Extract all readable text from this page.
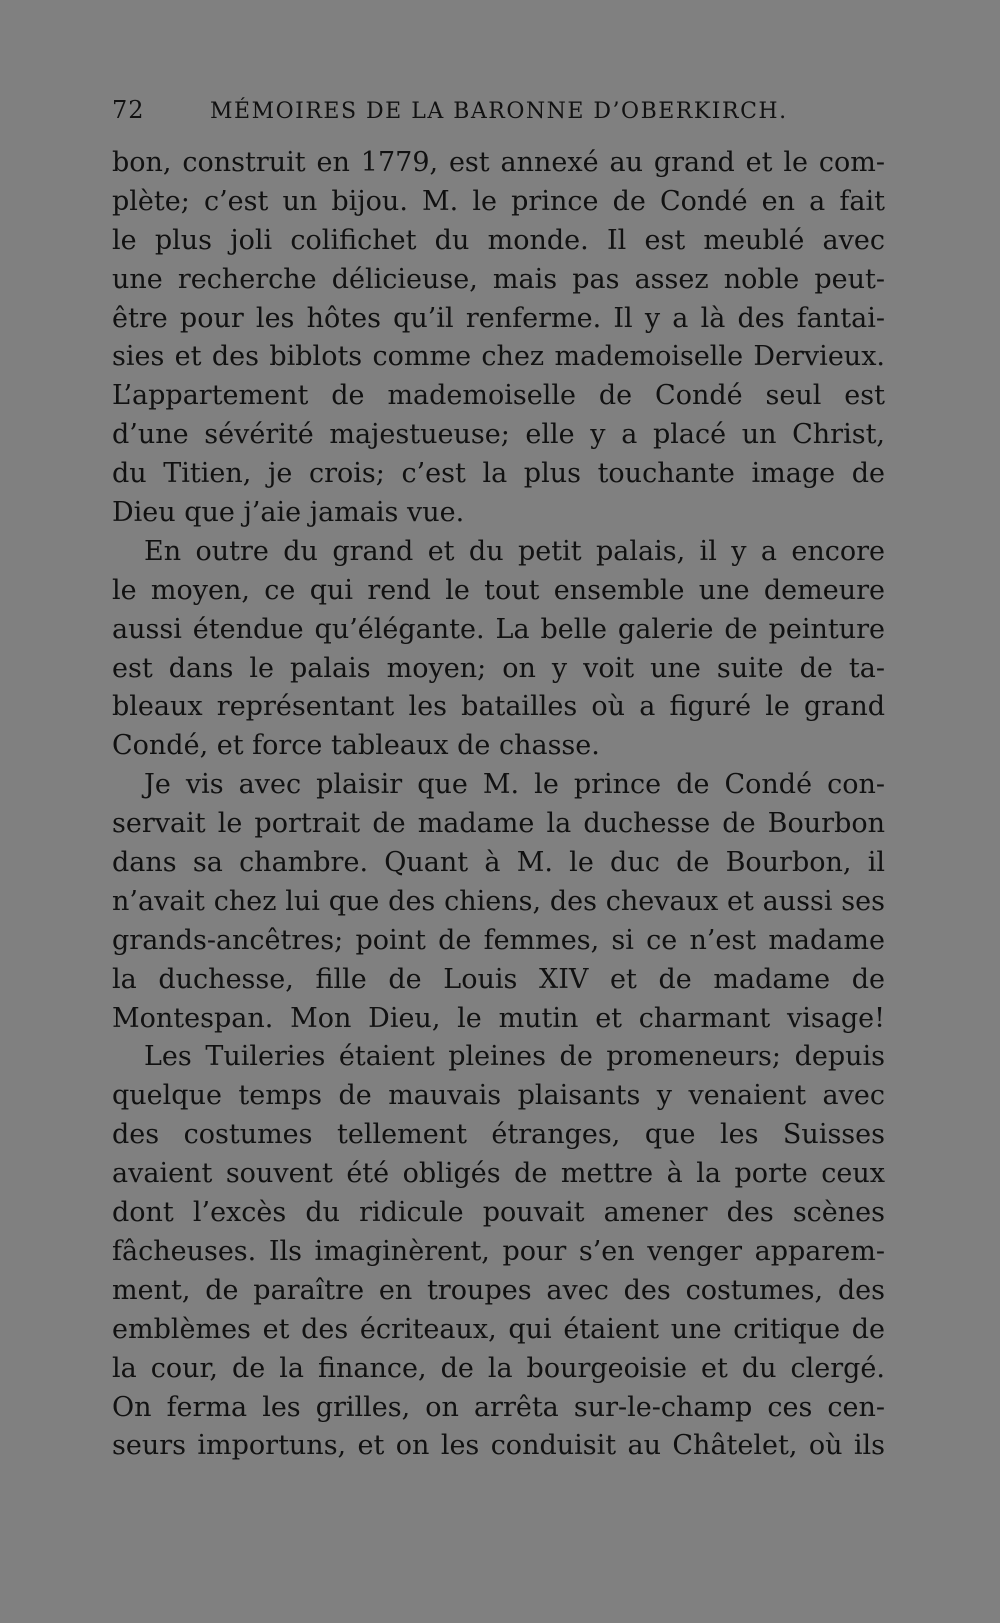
72	MÉMOIRES DE LA BARONNE D’OBERKIRCH.
bon, construit en 1779, est annexé au grand et le com-
plète; c’est un bijou. M. le prince de Condé en a fait
le plus joli colifichet du monde. Il est meublé avec
une recherche délicieuse, mais pas assez noble peut-
être pour les hôtes qu’il renferme. Il y a là des fantai-
sies et des biblots comme chez mademoiselle Dervieux.
L’appartement de mademoiselle de Condé seul est
d’une sévérité majestueuse; elle y a placé un Christ,
du Titien, je crois; c’est la plus touchante image de
Dieu que j’aie jamais vue.
En outre du grand et du petit palais, il y a encore
le moyen, ce qui rend le tout ensemble une demeure
aussi étendue qu’élégante. La belle galerie de peinture
est dans le palais moyen; on y voit une suite de ta-
bleaux représentant les batailles où a figuré le grand
Condé, et force tableaux de chasse.
Je vis avec plaisir que M. le prince de Condé con-
servait le portrait de madame la duchesse de Bourbon
dans sa chambre. Quant à M. le duc de Bourbon, il
n’avait chez lui que des chiens, des chevaux et aussi ses
grands-ancêtres; point de femmes, si ce n’est madame
la duchesse, fille de Louis XIV et de madame de
Montespan. Mon Dieu, le mutin et charmant visage!
Les Tuileries étaient pleines de promeneurs; depuis
quelque temps de mauvais plaisants y venaient avec
des costumes tellement étranges, que les Suisses
avaient souvent été obligés de mettre à la porte ceux
dont l’excès du ridicule pouvait amener des scènes
fâcheuses. Ils imaginèrent, pour s’en venger apparem-
ment, de paraître en troupes avec des costumes, des
emblèmes et des écriteaux, qui étaient une critique de
la cour, de la finance, de la bourgeoisie et du clergé.
On ferma les grilles, on arrêta sur-le-champ ces cen-
seurs importuns, et on les conduisit au Châtelet, où ils
